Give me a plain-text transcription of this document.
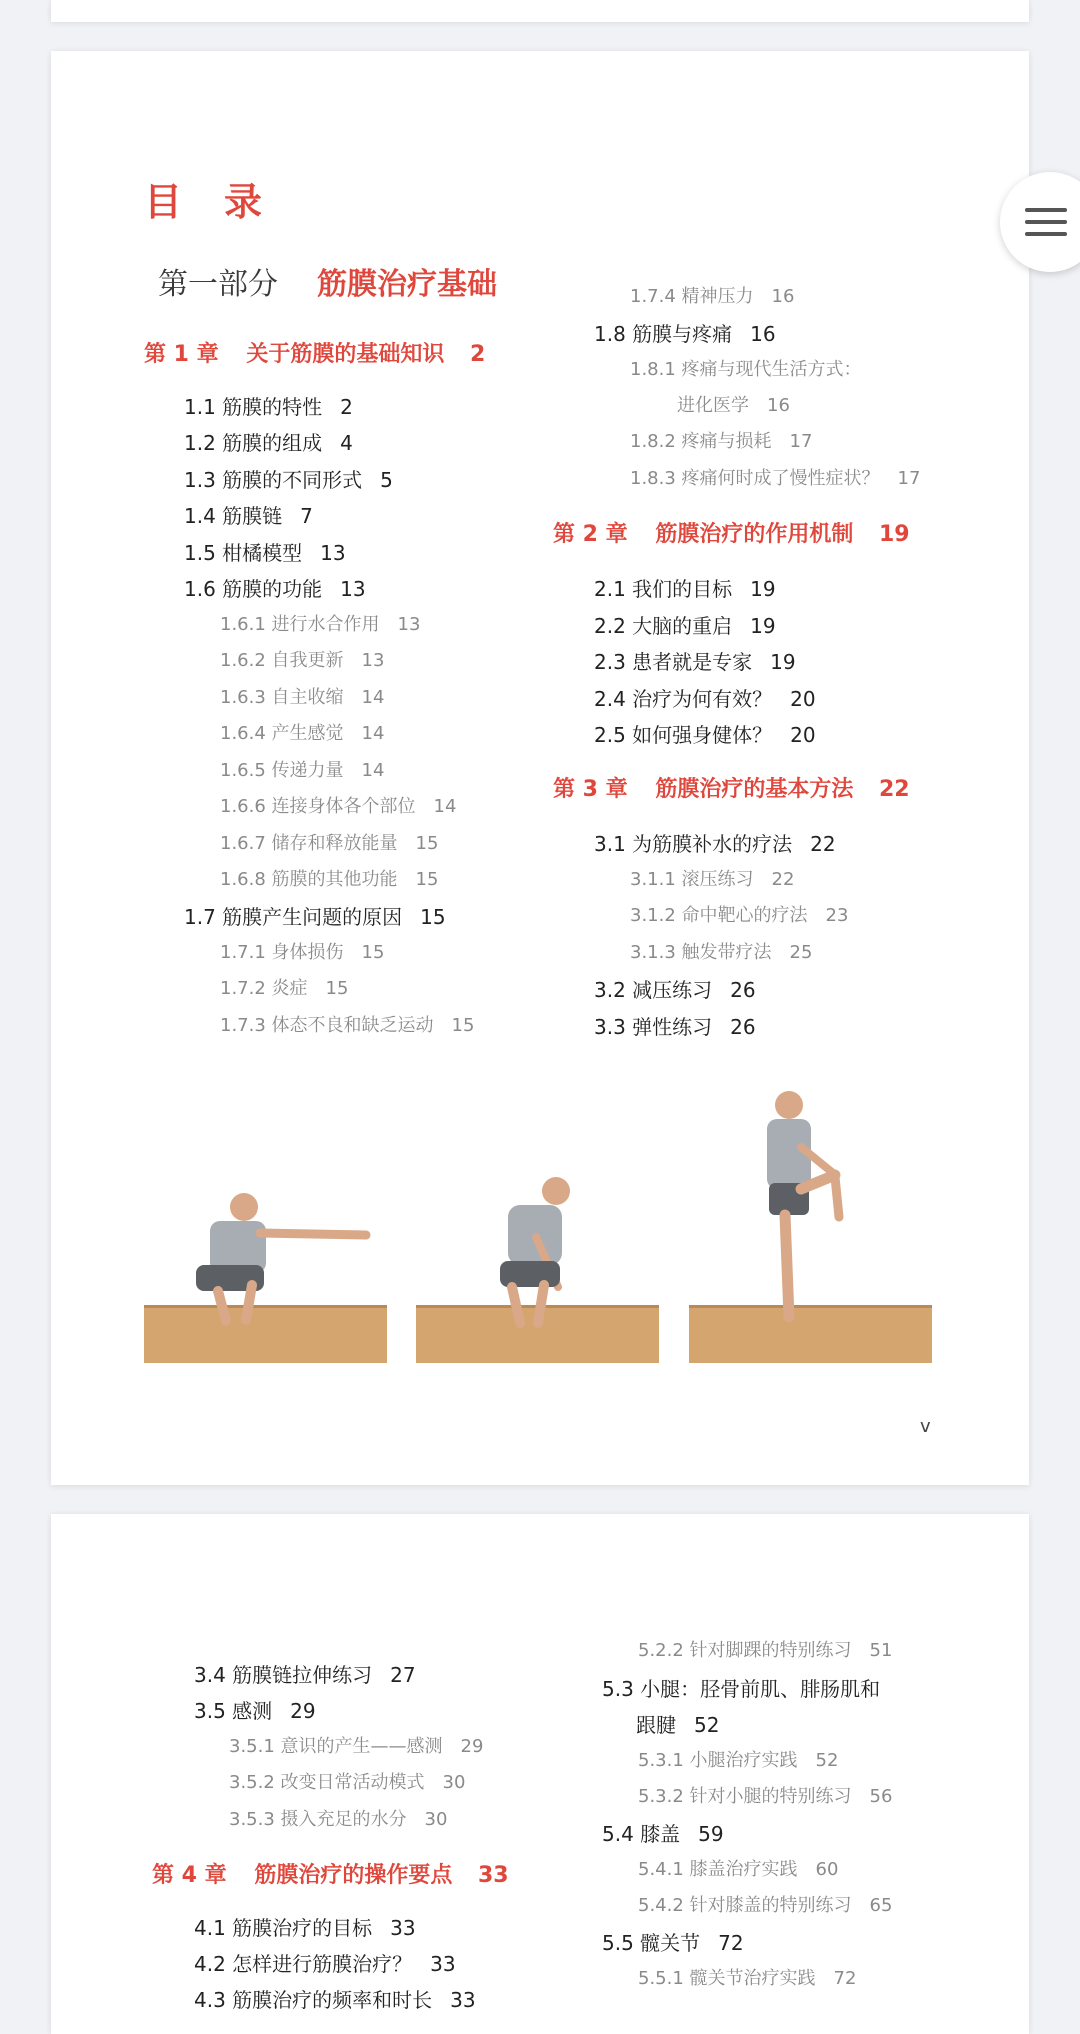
目　录
第一部分 筋膜治疗基础
第 1 章 关于筋膜的基础知识 2
1.1 筋膜的特性 2
1.2 筋膜的组成 4
1.3 筋膜的不同形式 5
1.4 筋膜链 7
1.5 柑橘模型 13
1.6 筋膜的功能 13
1.6.1 进行水合作用 13
1.6.2 自我更新 13
1.6.3 自主收缩 14
1.6.4 产生感觉 14
1.6.5 传递力量 14
1.6.6 连接身体各个部位 14
1.6.7 储存和释放能量 15
1.6.8 筋膜的其他功能 15
1.7 筋膜产生问题的原因 15
1.7.1 身体损伤 15
1.7.2 炎症 15
1.7.3 体态不良和缺乏运动 15
1.7.4 精神压力 16
1.8 筋膜与疼痛 16
1.8.1 疼痛与现代生活方式：
进化医学 16
1.8.2 疼痛与损耗 17
1.8.3 疼痛何时成了慢性症状？ 17
第 2 章 筋膜治疗的作用机制 19
2.1 我们的目标 19
2.2 大脑的重启 19
2.3 患者就是专家 19
2.4 治疗为何有效？ 20
2.5 如何强身健体？ 20
第 3 章 筋膜治疗的基本方法 22
3.1 为筋膜补水的疗法 22
3.1.1 滚压练习 22
3.1.2 命中靶心的疗法 23
3.1.3 触发带疗法 25
3.2 减压练习 26
3.3 弹性练习 26
v
3.4 筋膜链拉伸练习 27
3.5 感测 29
3.5.1 意识的产生——感测 29
3.5.2 改变日常活动模式 30
3.5.3 摄入充足的水分 30
第 4 章 筋膜治疗的操作要点 33
4.1 筋膜治疗的目标 33
4.2 怎样进行筋膜治疗？ 33
4.3 筋膜治疗的频率和时长 33
5.2.2 针对脚踝的特别练习 51
5.3 小腿：胫骨前肌、腓肠肌和
跟腱 52
5.3.1 小腿治疗实践 52
5.3.2 针对小腿的特别练习 56
5.4 膝盖 59
5.4.1 膝盖治疗实践 60
5.4.2 针对膝盖的特别练习 65
5.5 髋关节 72
5.5.1 髋关节治疗实践 72
